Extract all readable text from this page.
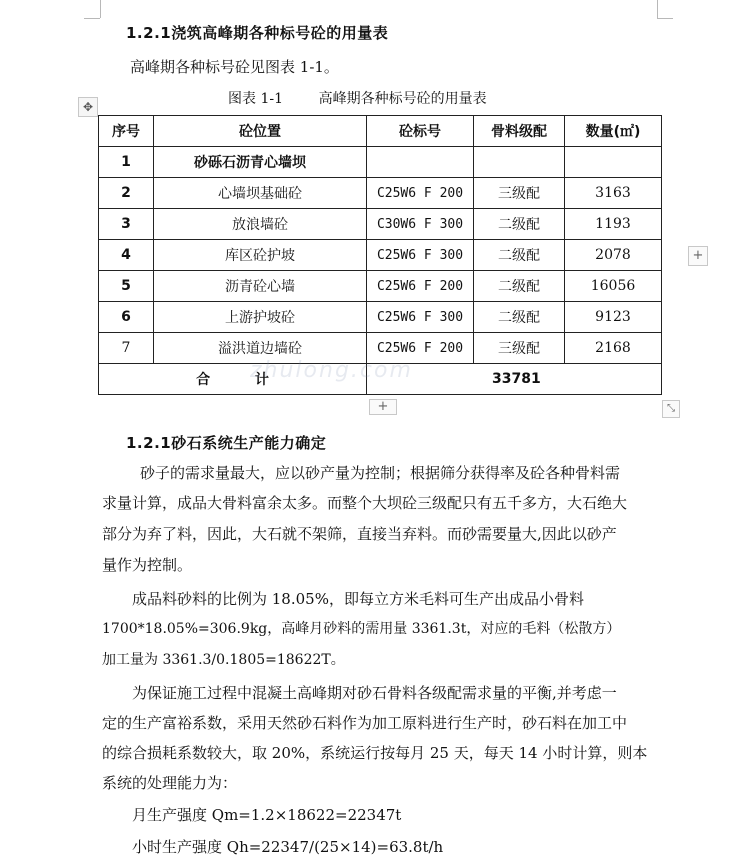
1.2.1浇筑高峰期各种标号砼的用量表
高峰期各种标号砼见图表 1-1。
图表 1-1        高峰期各种标号砼的用量表
✥
序号	砼位置	砼标号	骨料级配	数量(㎡)
1	砂砾石沥青心墙坝			
2	心墙坝基础砼	C25W6 F 200	三级配	3163
3	放浪墙砼	C30W6 F 300	二级配	1193
4	库区砼护坡	C25W6 F 300	二级配	2078
5	沥青砼心墙	C25W6 F 200	二级配	16056
6	上游护坡砼	C25W6 F 300	二级配	9123
7	溢洪道边墙砼	C25W6 F 200	三级配	2168
合 计		33781		
zhulong.com
+
+	⤡
1.2.1砂石系统生产能力确定
砂子的需求量最大，应以砂产量为控制；根据筛分获得率及砼各种骨料需
求量计算，成品大骨料富余太多。而整个大坝砼三级配只有五千多方，大石绝大
部分为弃了料，因此，大石就不架筛，直接当弃料。而砂需要量大,因此以砂产
量作为控制。
成品料砂料的比例为 18.05%，即每立方米毛料可生产出成品小骨料
1700*18.05%=306.9kg，高峰月砂料的需用量 3361.3t，对应的毛料（松散方）
加工量为 3361.3/0.1805=18622T。
为保证施工过程中混凝土高峰期对砂石骨料各级配需求量的平衡,并考虑一
定的生产富裕系数，采用天然砂石料作为加工原料进行生产时，砂石料在加工中
的综合损耗系数较大，取 20%，系统运行按每月 25 天，每天 14 小时计算，则本
系统的处理能力为：
月生产强度 Qm=1.2×18622=22347t
小时生产强度 Qh=22347/(25×14)=63.8t/h
